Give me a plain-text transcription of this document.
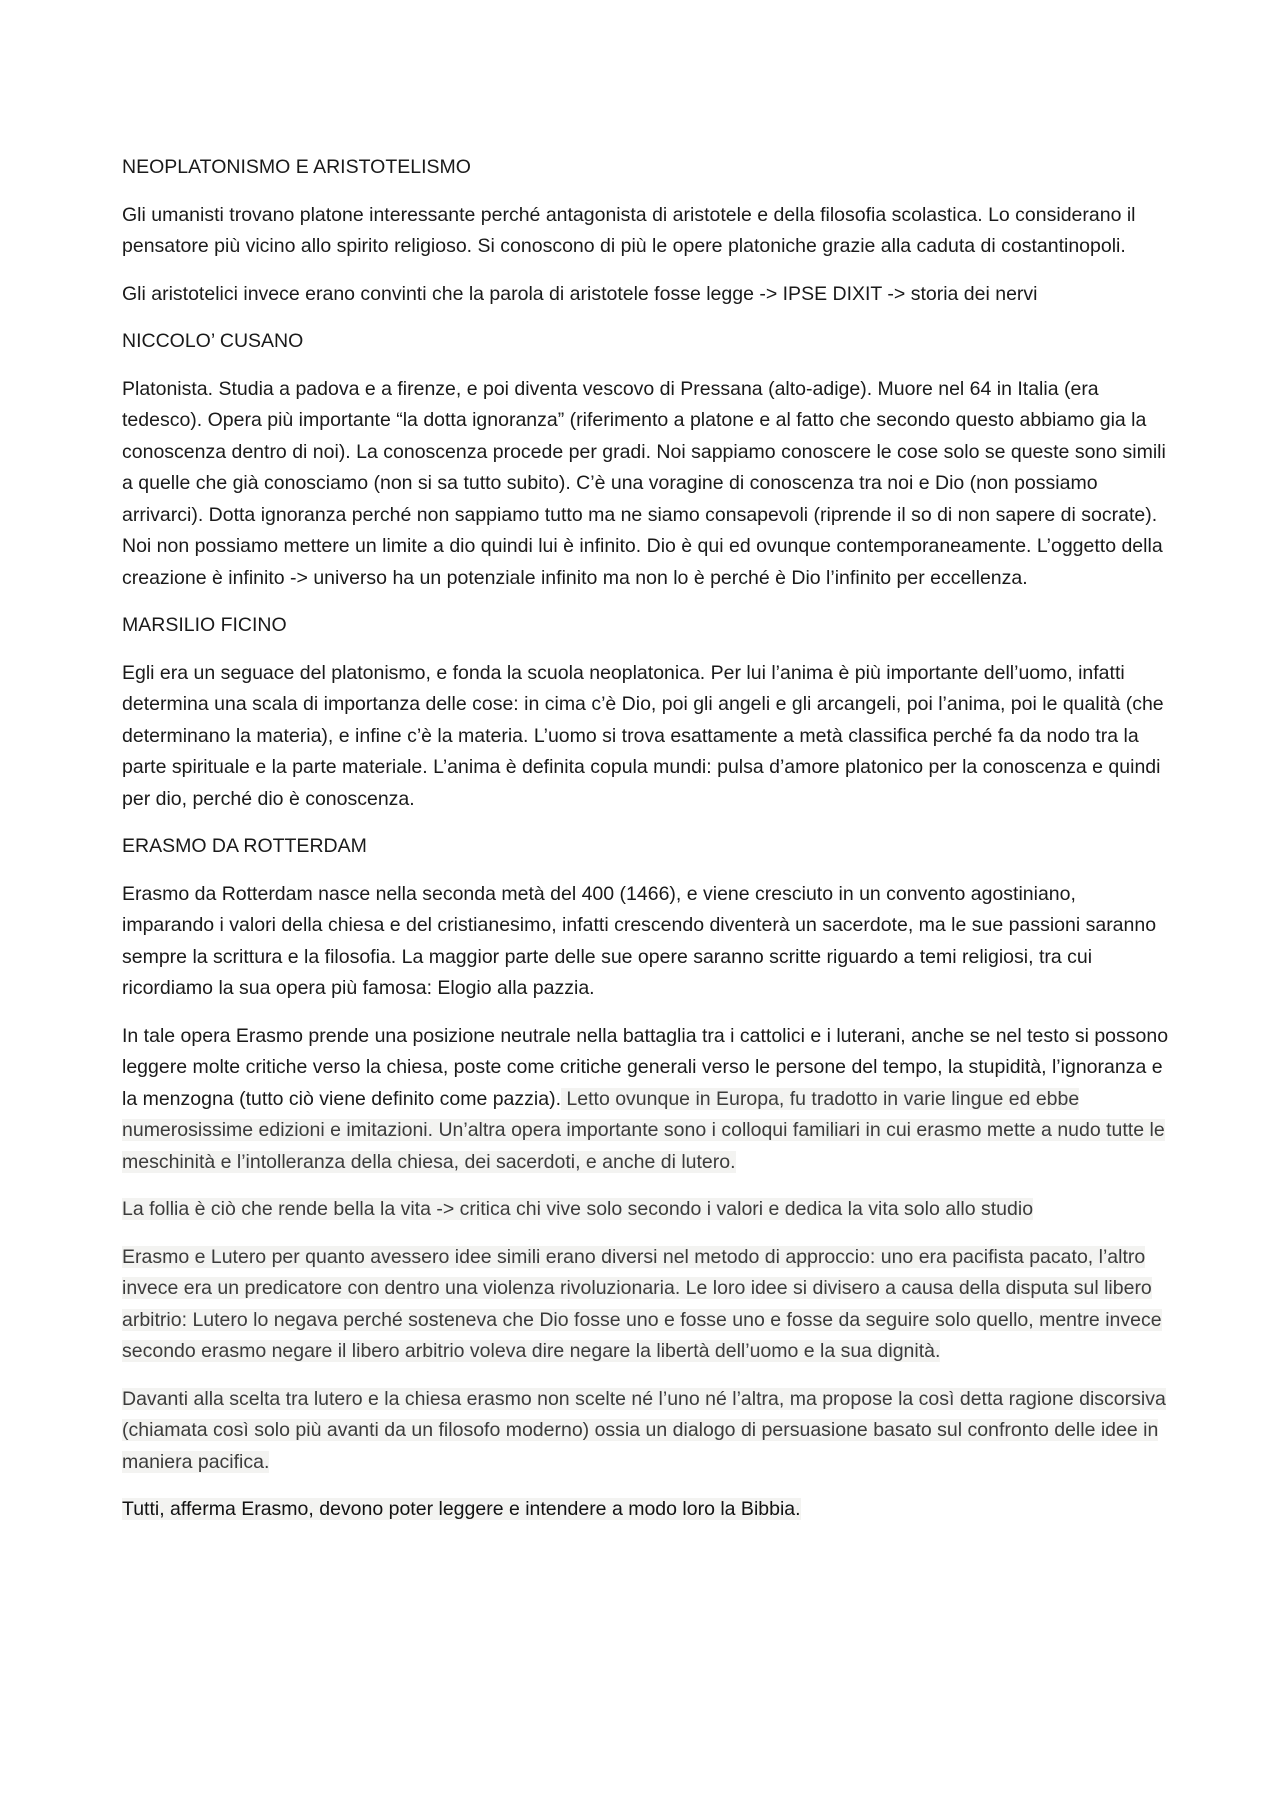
NEOPLATONISMO E ARISTOTELISMO

Gli umanisti trovano platone interessante perché antagonista di aristotele e della filosofia scolastica. Lo considerano il pensatore più vicino allo spirito religioso. Si conoscono di più le opere platoniche grazie alla caduta di costantinopoli.

Gli aristotelici invece erano convinti che la parola di aristotele fosse legge -> IPSE DIXIT -> storia dei nervi

NICCOLO’ CUSANO

Platonista. Studia a padova e a firenze, e poi diventa vescovo di Pressana (alto-adige). Muore nel 64 in Italia (era tedesco). Opera più importante “la dotta ignoranza” (riferimento a platone e al fatto che secondo questo abbiamo gia la conoscenza dentro di noi). La conoscenza procede per gradi. Noi sappiamo conoscere le cose solo se queste sono simili a quelle che già conosciamo (non si sa tutto subito). C’è una voragine di conoscenza tra noi e Dio (non possiamo arrivarci). Dotta ignoranza perché non sappiamo tutto ma ne siamo consapevoli (riprende il so di non sapere di socrate). Noi non possiamo mettere un limite a dio quindi lui è infinito. Dio è qui ed ovunque contemporaneamente. L’oggetto della creazione è infinito -> universo ha un potenziale infinito ma non lo è perché è Dio l’infinito per eccellenza.

MARSILIO FICINO

Egli era un seguace del platonismo, e fonda la scuola neoplatonica. Per lui l’anima è più importante dell’uomo, infatti determina una scala di importanza delle cose: in cima c’è Dio, poi gli angeli e gli arcangeli, poi l’anima, poi le qualità (che determinano la materia), e infine c’è la materia. L’uomo si trova esattamente a metà classifica perché fa da nodo tra la parte spirituale e la parte materiale. L’anima è definita copula mundi: pulsa d’amore platonico per la conoscenza e quindi per dio, perché dio è conoscenza.

ERASMO DA ROTTERDAM

Erasmo da Rotterdam nasce nella seconda metà del 400 (1466), e viene cresciuto in un convento agostiniano, imparando i valori della chiesa e del cristianesimo, infatti crescendo diventerà un sacerdote, ma le sue passioni saranno sempre la scrittura e la filosofia. La maggior parte delle sue opere saranno scritte riguardo a temi religiosi, tra cui ricordiamo la sua opera più famosa: Elogio alla pazzia.

In tale opera Erasmo prende una posizione neutrale nella battaglia tra i cattolici e i luterani, anche se nel testo si possono leggere molte critiche verso la chiesa, poste come critiche generali verso le persone del tempo, la stupidità, l’ignoranza e la menzogna (tutto ciò viene definito come pazzia). Letto ovunque in Europa, fu tradotto in varie lingue ed ebbe numerosissime edizioni e imitazioni. Un’altra opera importante sono i colloqui familiari in cui erasmo mette a nudo tutte le meschinità e l’intolleranza della chiesa, dei sacerdoti, e anche di lutero.

La follia è ciò che rende bella la vita -> critica chi vive solo secondo i valori e dedica la vita solo allo studio

Erasmo e Lutero per quanto avessero idee simili erano diversi nel metodo di approccio: uno era pacifista pacato, l’altro invece era un predicatore con dentro una violenza rivoluzionaria. Le loro idee si divisero a causa della disputa sul libero arbitrio: Lutero lo negava perché sosteneva che Dio fosse uno e fosse uno e fosse da seguire solo quello, mentre invece secondo erasmo negare il libero arbitrio voleva dire negare la libertà dell’uomo e la sua dignità.

Davanti alla scelta tra lutero e la chiesa erasmo non scelte né l’uno né l’altra, ma propose la così detta ragione discorsiva (chiamata così solo più avanti da un filosofo moderno) ossia un dialogo di persuasione basato sul confronto delle idee in maniera pacifica.

Tutti, afferma Erasmo, devono poter leggere e intendere a modo loro la Bibbia.
